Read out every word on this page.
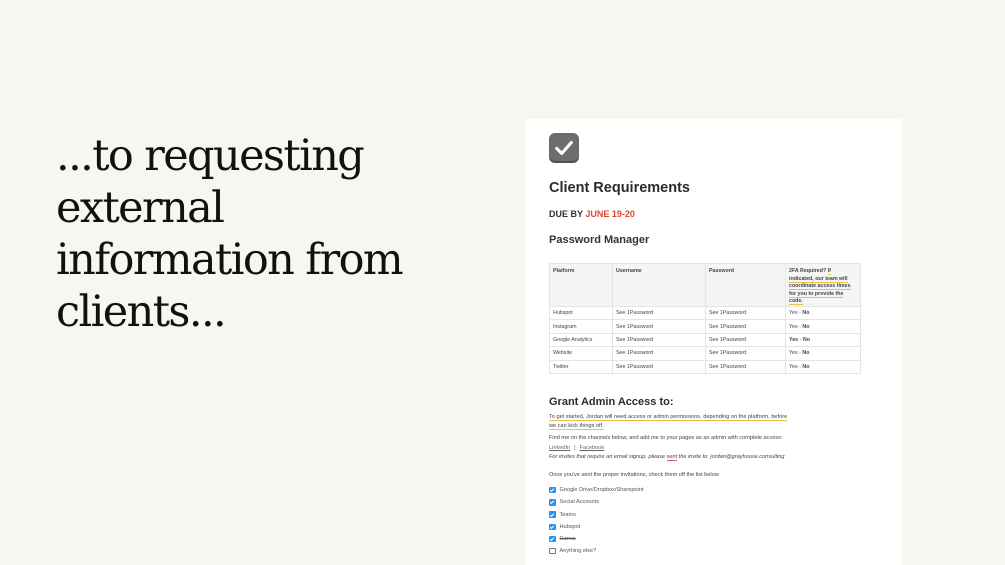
...to requesting
external
information from
clients...
Client Requirements
DUE BY JUNE 19-20
Password Manager
Platform	Username	Password	2FA Required? If indicated, our team will coordinate access times for you to provide the code.
Hubspot	See 1Password	See 1Password	Yes - No
Instagram	See 1Password	See 1Password	Yes - No
Google Analytics	See 1Password	See 1Password	Yes - No
Website	See 1Password	See 1Password	Yes - No
Twitter	See 1Password	See 1Password	Yes - No
Grant Admin Access to:
To get started, Jordan will need access or admin permissions, depending on the platform, before
we can kick things off.
Find me on the channels below, and add me to your pages as an admin with complete access:
LinkedIn | Facebook
For invites that require an email signup, please sent the invite to: jordan@grayhouse.consulting
Once you've sent the proper invitations, check them off the list below
Google Drive/Dropbox/Sharepoint
Social Accounts
Teams
Hubspot
Canva
Anything else?
